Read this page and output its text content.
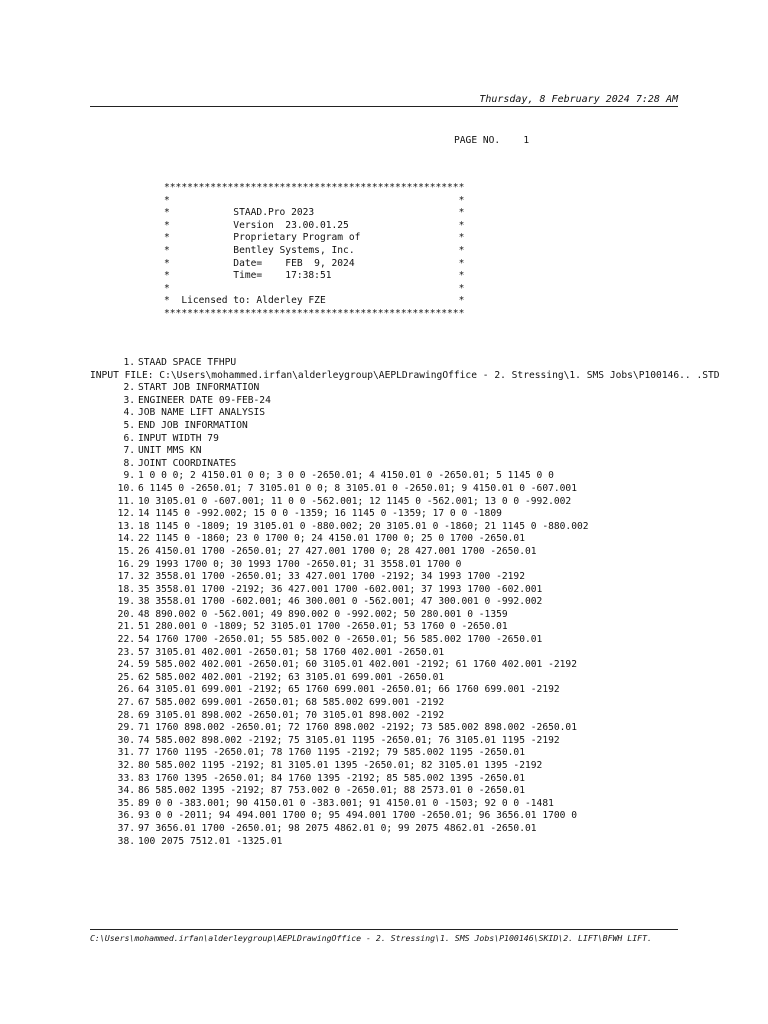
Thursday, 8 February 2024 7:28 AM
PAGE NO. 1
****************************************************
*                                                  *
*           STAAD.Pro 2023                         *
*           Version  23.00.01.25                   *
*           Proprietary Program of                 *
*           Bentley Systems, Inc.                  *
*           Date=    FEB  9, 2024                  *
*           Time=    17:38:51                      *
*                                                  *
*  Licensed to: Alderley FZE                       *
****************************************************
1. STAAD SPACE TFHPU
INPUT FILE: C:\Users\mohammed.irfan\alderleygroup\AEPLDrawingOffice - 2. Stressing\1. SMS Jobs\P100146.. .STD
2. START JOB INFORMATION
3. ENGINEER DATE 09-FEB-24
4. JOB NAME LIFT ANALYSIS
5. END JOB INFORMATION
6. INPUT WIDTH 79
7. UNIT MMS KN
8. JOINT COORDINATES
9. 1 0 0 0; 2 4150.01 0 0; 3 0 0 -2650.01; 4 4150.01 0 -2650.01; 5 1145 0 0
10. 6 1145 0 -2650.01; 7 3105.01 0 0; 8 3105.01 0 -2650.01; 9 4150.01 0 -607.001
11. 10 3105.01 0 -607.001; 11 0 0 -562.001; 12 1145 0 -562.001; 13 0 0 -992.002
12. 14 1145 0 -992.002; 15 0 0 -1359; 16 1145 0 -1359; 17 0 0 -1809
13. 18 1145 0 -1809; 19 3105.01 0 -880.002; 20 3105.01 0 -1860; 21 1145 0 -880.002
14. 22 1145 0 -1860; 23 0 1700 0; 24 4150.01 1700 0; 25 0 1700 -2650.01
15. 26 4150.01 1700 -2650.01; 27 427.001 1700 0; 28 427.001 1700 -2650.01
16. 29 1993 1700 0; 30 1993 1700 -2650.01; 31 3558.01 1700 0
17. 32 3558.01 1700 -2650.01; 33 427.001 1700 -2192; 34 1993 1700 -2192
18. 35 3558.01 1700 -2192; 36 427.001 1700 -602.001; 37 1993 1700 -602.001
19. 38 3558.01 1700 -602.001; 46 300.001 0 -562.001; 47 300.001 0 -992.002
20. 48 890.002 0 -562.001; 49 890.002 0 -992.002; 50 280.001 0 -1359
21. 51 280.001 0 -1809; 52 3105.01 1700 -2650.01; 53 1760 0 -2650.01
22. 54 1760 1700 -2650.01; 55 585.002 0 -2650.01; 56 585.002 1700 -2650.01
23. 57 3105.01 402.001 -2650.01; 58 1760 402.001 -2650.01
24. 59 585.002 402.001 -2650.01; 60 3105.01 402.001 -2192; 61 1760 402.001 -2192
25. 62 585.002 402.001 -2192; 63 3105.01 699.001 -2650.01
26. 64 3105.01 699.001 -2192; 65 1760 699.001 -2650.01; 66 1760 699.001 -2192
27. 67 585.002 699.001 -2650.01; 68 585.002 699.001 -2192
28. 69 3105.01 898.002 -2650.01; 70 3105.01 898.002 -2192
29. 71 1760 898.002 -2650.01; 72 1760 898.002 -2192; 73 585.002 898.002 -2650.01
30. 74 585.002 898.002 -2192; 75 3105.01 1195 -2650.01; 76 3105.01 1195 -2192
31. 77 1760 1195 -2650.01; 78 1760 1195 -2192; 79 585.002 1195 -2650.01
32. 80 585.002 1195 -2192; 81 3105.01 1395 -2650.01; 82 3105.01 1395 -2192
33. 83 1760 1395 -2650.01; 84 1760 1395 -2192; 85 585.002 1395 -2650.01
34. 86 585.002 1395 -2192; 87 753.002 0 -2650.01; 88 2573.01 0 -2650.01
35. 89 0 0 -383.001; 90 4150.01 0 -383.001; 91 4150.01 0 -1503; 92 0 0 -1481
36. 93 0 0 -2011; 94 494.001 1700 0; 95 494.001 1700 -2650.01; 96 3656.01 1700 0
37. 97 3656.01 1700 -2650.01; 98 2075 4862.01 0; 99 2075 4862.01 -2650.01
38. 100 2075 7512.01 -1325.01
C:\Users\mohammed.irfan\alderleygroup\AEPLDrawingOffice - 2. Stressing\1. SMS Jobs\P100146\SKID\2. LIFT\BFWH LIFT.
